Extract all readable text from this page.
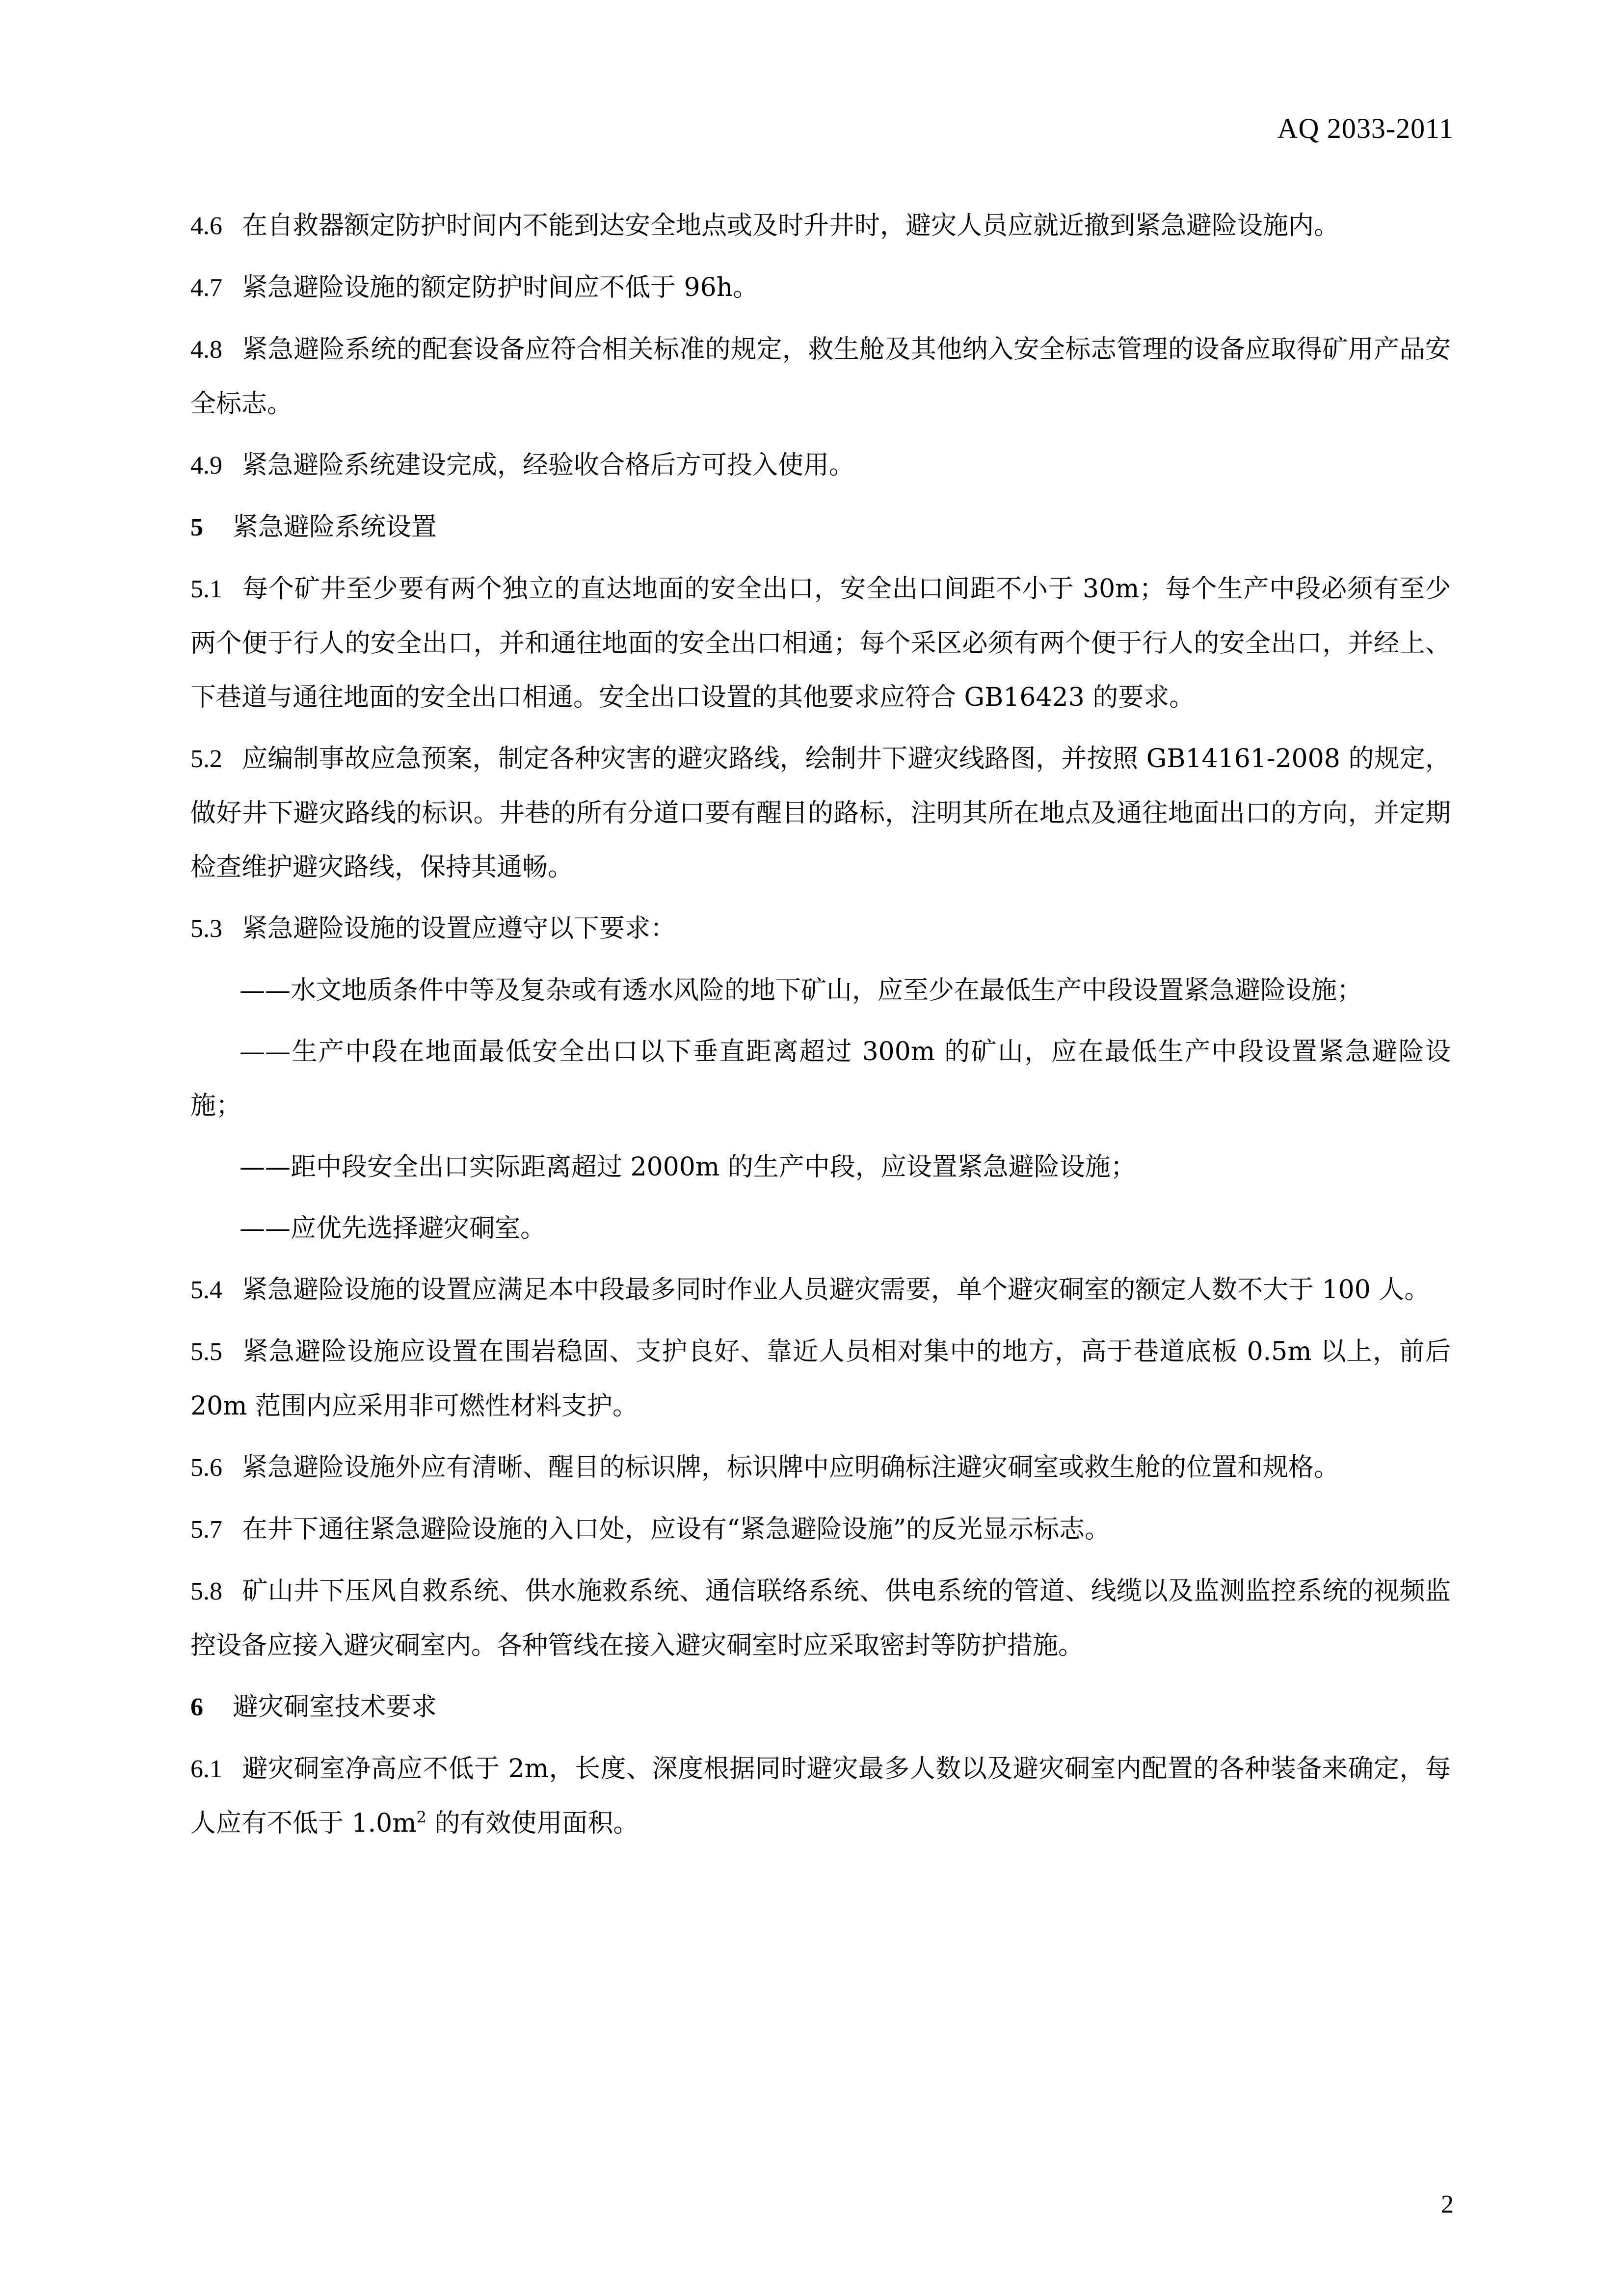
AQ 2033-2011
4.6 在自救器额定防护时间内不能到达安全地点或及时升井时，避灾人员应就近撤到紧急避险设施内。
4.7 紧急避险设施的额定防护时间应不低于 96h。
4.8 紧急避险系统的配套设备应符合相关标准的规定，救生舱及其他纳入安全标志管理的设备应取得矿用产品安全标志。
4.9 紧急避险系统建设完成，经验收合格后方可投入使用。
5 紧急避险系统设置
5.1 每个矿井至少要有两个独立的直达地面的安全出口，安全出口间距不小于 30m；每个生产中段必须有至少两个便于行人的安全出口，并和通往地面的安全出口相通；每个采区必须有两个便于行人的安全出口，并经上、下巷道与通往地面的安全出口相通。安全出口设置的其他要求应符合 GB16423 的要求。
5.2 应编制事故应急预案，制定各种灾害的避灾路线，绘制井下避灾线路图，并按照 GB14161-2008 的规定，做好井下避灾路线的标识。井巷的所有分道口要有醒目的路标，注明其所在地点及通往地面出口的方向，并定期检查维护避灾路线，保持其通畅。
5.3 紧急避险设施的设置应遵守以下要求：
——水文地质条件中等及复杂或有透水风险的地下矿山，应至少在最低生产中段设置紧急避险设施；
——生产中段在地面最低安全出口以下垂直距离超过 300m 的矿山，应在最低生产中段设置紧急避险设施；
——距中段安全出口实际距离超过 2000m 的生产中段，应设置紧急避险设施；
——应优先选择避灾硐室。
5.4 紧急避险设施的设置应满足本中段最多同时作业人员避灾需要，单个避灾硐室的额定人数不大于 100 人。
5.5 紧急避险设施应设置在围岩稳固、支护良好、靠近人员相对集中的地方，高于巷道底板 0.5m 以上，前后 20m 范围内应采用非可燃性材料支护。
5.6 紧急避险设施外应有清晰、醒目的标识牌，标识牌中应明确标注避灾硐室或救生舱的位置和规格。
5.7 在井下通往紧急避险设施的入口处，应设有“紧急避险设施”的反光显示标志。
5.8 矿山井下压风自救系统、供水施救系统、通信联络系统、供电系统的管道、线缆以及监测监控系统的视频监控设备应接入避灾硐室内。各种管线在接入避灾硐室时应采取密封等防护措施。
6 避灾硐室技术要求
6.1 避灾硐室净高应不低于 2m，长度、深度根据同时避灾最多人数以及避灾硐室内配置的各种装备来确定，每人应有不低于 $1.0m^2$ 的有效使用面积。
2
